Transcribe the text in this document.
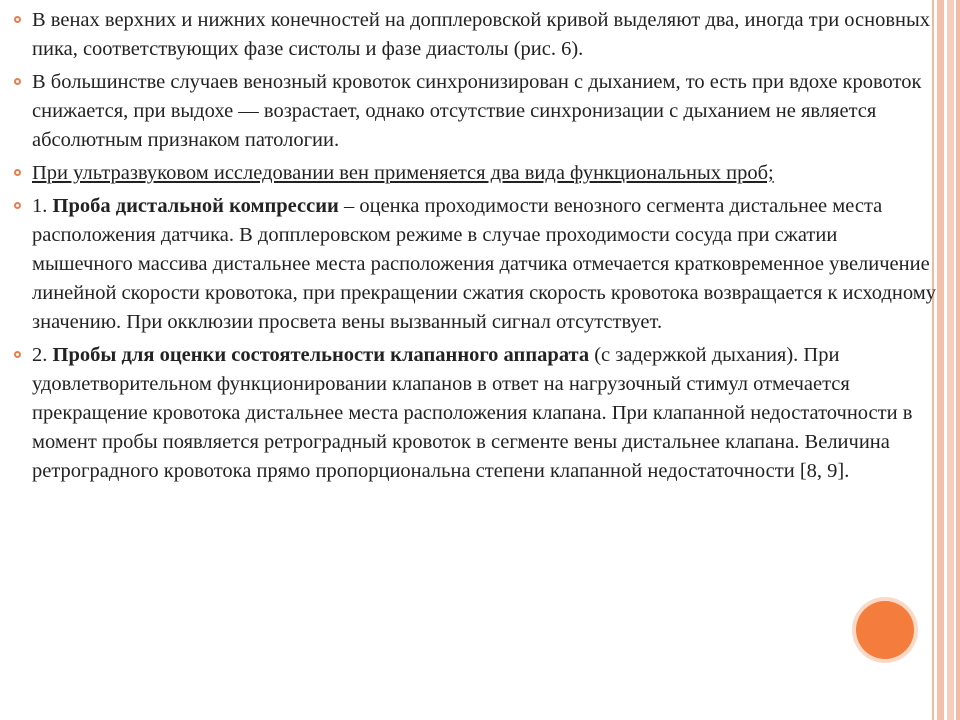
В венах верхних и нижних конечностей на допплеровской кривой выделяют два, иногда три основных пика, соответствующих фазе систолы и фазе диастолы (рис. 6).
В большинстве случаев венозный кровоток синхронизирован с дыханием, то есть при вдохе кровоток снижается, при выдохе — возрастает, однако отсутствие синхронизации с дыханием не является абсолютным признаком патологии.
При ультразвуковом исследовании вен применяется два вида функциональных проб;
1. Проба дистальной компрессии – оценка проходимости венозного сегмента дистальнее места расположения датчика. В допплеровском режиме в случае проходимости сосуда при сжатии мышечного массива дистальнее места расположения датчика отмечается кратковременное увеличение линейной скорости кровотока, при прекращении сжатия скорость кровотока возвращается к исходному значению. При окклюзии просвета вены вызванный сигнал отсутствует.
2. Пробы для оценки состоятельности клапанного аппарата (с задержкой дыхания). При удовлетворительном функционировании клапанов в ответ на нагрузочный стимул отмечается прекращение кровотока дистальнее места расположения клапана. При клапанной недостаточности в момент пробы появляется ретроградный кровоток в сегменте вены дистальнее клапана. Величина ретроградного кровотока прямо пропорциональна степени клапанной недостаточности [8, 9].
